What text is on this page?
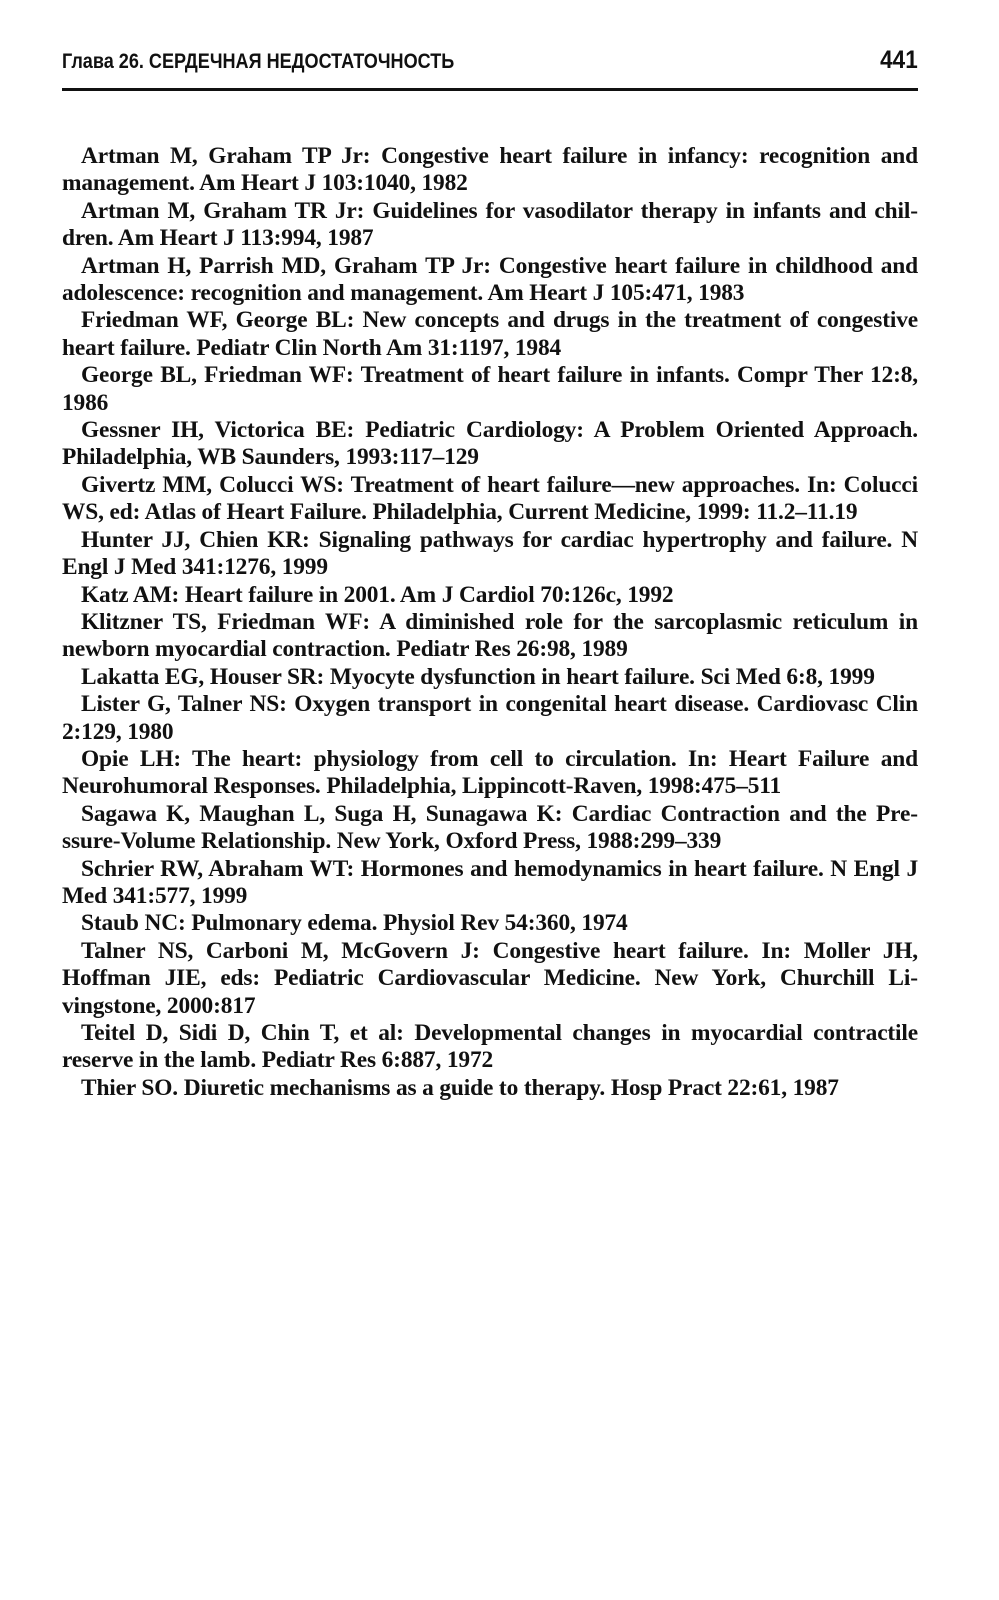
Глава 26. СЕРДЕЧНАЯ НЕДОСТАТОЧНОСТЬ	441
Artman M, Graham TP Jr: Congestive heart failure in infancy: recognition and management. Am Heart J 103:1040, 1982
Artman M, Graham TR Jr: Guidelines for vasodilator therapy in infants and children. Am Heart J 113:994, 1987
Artman H, Parrish MD, Graham TP Jr: Congestive heart failure in childhood and adolescence: recognition and management. Am Heart J 105:471, 1983
Friedman WF, George BL: New concepts and drugs in the treatment of congestive heart failure. Pediatr Clin North Am 31:1197, 1984
George BL, Friedman WF: Treatment of heart failure in infants. Compr Ther 12:8, 1986
Gessner IH, Victorica BE: Pediatric Cardiology: A Problem Oriented Approach. Philadelphia, WB Saunders, 1993:117–129
Givertz MM, Colucci WS: Treatment of heart failure—new approaches. In: Colucci WS, ed: Atlas of Heart Failure. Philadelphia, Current Medicine, 1999: 11.2–11.19
Hunter JJ, Chien KR: Signaling pathways for cardiac hypertrophy and failure. N Engl J Med 341:1276, 1999
Katz AM: Heart failure in 2001. Am J Cardiol 70:126c, 1992
Klitzner TS, Friedman WF: A diminished role for the sarcoplasmic reticulum in newborn myocardial contraction. Pediatr Res 26:98, 1989
Lakatta EG, Houser SR: Myocyte dysfunction in heart failure. Sci Med 6:8, 1999
Lister G, Talner NS: Oxygen transport in congenital heart disease. Cardiovasc Clin 2:129, 1980
Opie LH: The heart: physiology from cell to circulation. In: Heart Failure and Neurohumoral Responses. Philadelphia, Lippincott-Raven, 1998:475–511
Sagawa K, Maughan L, Suga H, Sunagawa K: Cardiac Contraction and the Pressure-Volume Relationship. New York, Oxford Press, 1988:299–339
Schrier RW, Abraham WT: Hormones and hemodynamics in heart failure. N Engl J Med 341:577, 1999
Staub NC: Pulmonary edema. Physiol Rev 54:360, 1974
Talner NS, Carboni M, McGovern J: Congestive heart failure. In: Moller JH, Hoffman JIE, eds: Pediatric Cardiovascular Medicine. New York, Churchill Livingstone, 2000:817
Teitel D, Sidi D, Chin T, et al: Developmental changes in myocardial contractile reserve in the lamb. Pediatr Res 6:887, 1972
Thier SO. Diuretic mechanisms as a guide to therapy. Hosp Pract 22:61, 1987
